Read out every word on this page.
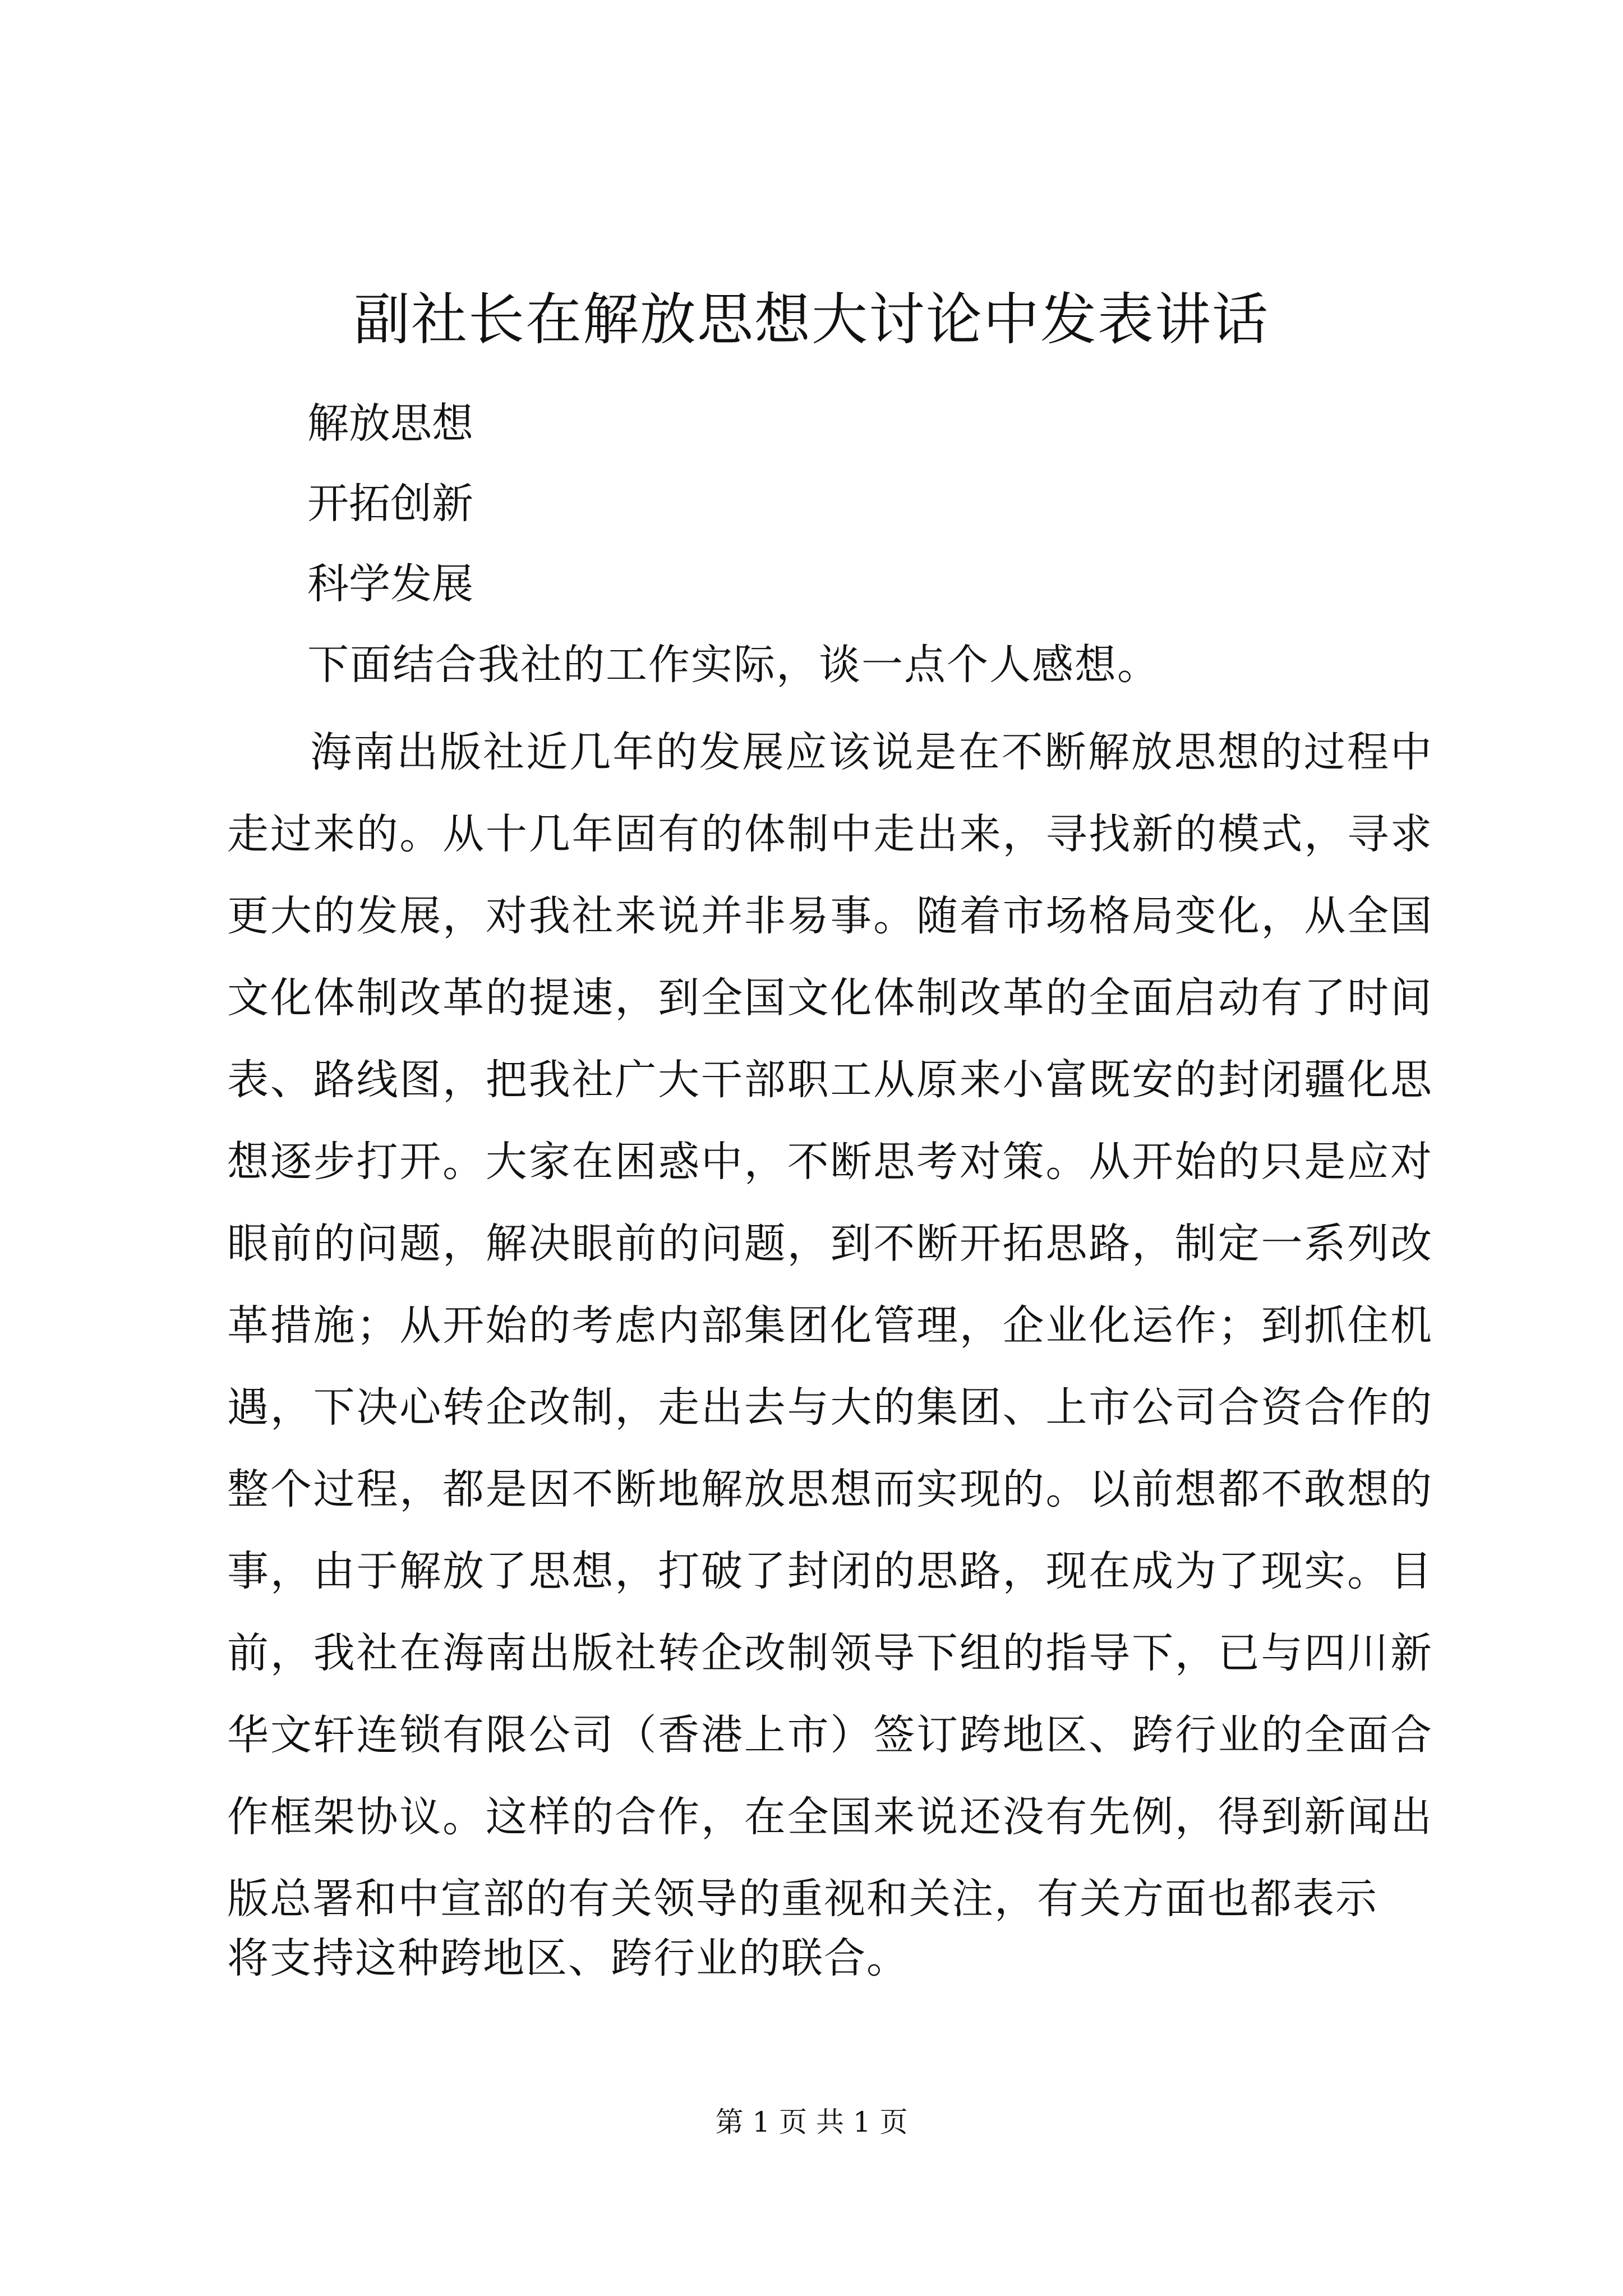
副社长在解放思想大讨论中发表讲话

解放思想

开拓创新

科学发展

下面结合我社的工作实际，谈一点个人感想。

海南出版社近几年的发展应该说是在不断解放思想的过程中走过来的。从十几年固有的体制中走出来，寻找新的模式，寻求更大的发展，对我社来说并非易事。随着市场格局变化，从全国文化体制改革的提速，到全国文化体制改革的全面启动有了时间表、路线图，把我社广大干部职工从原来小富既安的封闭疆化思想逐步打开。大家在困惑中，不断思考对策。从开始的只是应对眼前的问题，解决眼前的问题，到不断开拓思路，制定一系列改革措施；从开始的考虑内部集团化管理，企业化运作；到抓住机遇，下决心转企改制，走出去与大的集团、上市公司合资合作的整个过程，都是因不断地解放思想而实现的。以前想都不敢想的事，由于解放了思想，打破了封闭的思路，现在成为了现实。目前，我社在海南出版社转企改制领导下组的指导下，已与四川新华文轩连锁有限公司（香港上市）签订跨地区、跨行业的全面合作框架协议。这样的合作，在全国来说还没有先例，得到新闻出版总署和中宣部的有关领导的重视和关注，有关方面也都表示

将支持这种跨地区、跨行业的联合。

第 1 页 共 1 页
